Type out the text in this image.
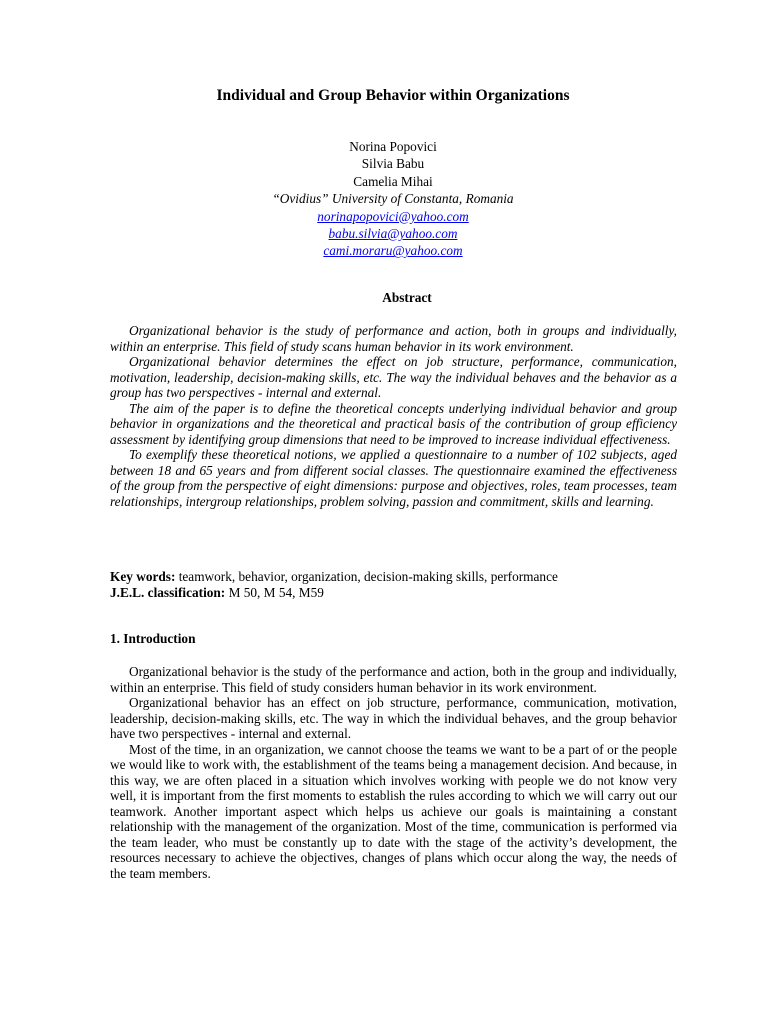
Individual and Group Behavior within Organizations
Norina Popovici
Silvia Babu
Camelia Mihai
“Ovidius” University of Constanta, Romania
norinapopovici@yahoo.com
babu.silvia@yahoo.com
cami.moraru@yahoo.com
Abstract

Organizational behavior is the study of performance and action, both in groups and individually, within an enterprise. This field of study scans human behavior in its work environment.

Organizational behavior determines the effect on job structure, performance, communication, motivation, leadership, decision-making skills, etc. The way the individual behaves and the behavior as a group has two perspectives - internal and external.

The aim of the paper is to define the theoretical concepts underlying individual behavior and group behavior in organizations and the theoretical and practical basis of the contribution of group efficiency assessment by identifying group dimensions that need to be improved to increase individual effectiveness.

To exemplify these theoretical notions, we applied a questionnaire to a number of 102 subjects, aged between 18 and 65 years and from different social classes. The questionnaire examined the effectiveness of the group from the perspective of eight dimensions: purpose and objectives, roles, team processes, team relationships, intergroup relationships, problem solving, passion and commitment, skills and learning.

Key words: teamwork, behavior, organization, decision-making skills, performance
J.E.L. classification: M 50, M 54, M59
1. Introduction

Organizational behavior is the study of the performance and action, both in the group and individually, within an enterprise. This field of study considers human behavior in its work environment.

Organizational behavior has an effect on job structure, performance, communication, motivation, leadership, decision-making skills, etc. The way in which the individual behaves, and the group behavior have two perspectives - internal and external.

Most of the time, in an organization, we cannot choose the teams we want to be a part of or the people we would like to work with, the establishment of the teams being a management decision. And because, in this way, we are often placed in a situation which involves working with people we do not know very well, it is important from the first moments to establish the rules according to which we will carry out our teamwork. Another important aspect which helps us achieve our goals is maintaining a constant relationship with the management of the organization. Most of the time, communication is performed via the team leader, who must be constantly up to date with the stage of the activity’s development, the resources necessary to achieve the objectives, changes of plans which occur along the way, the needs of the team members.
